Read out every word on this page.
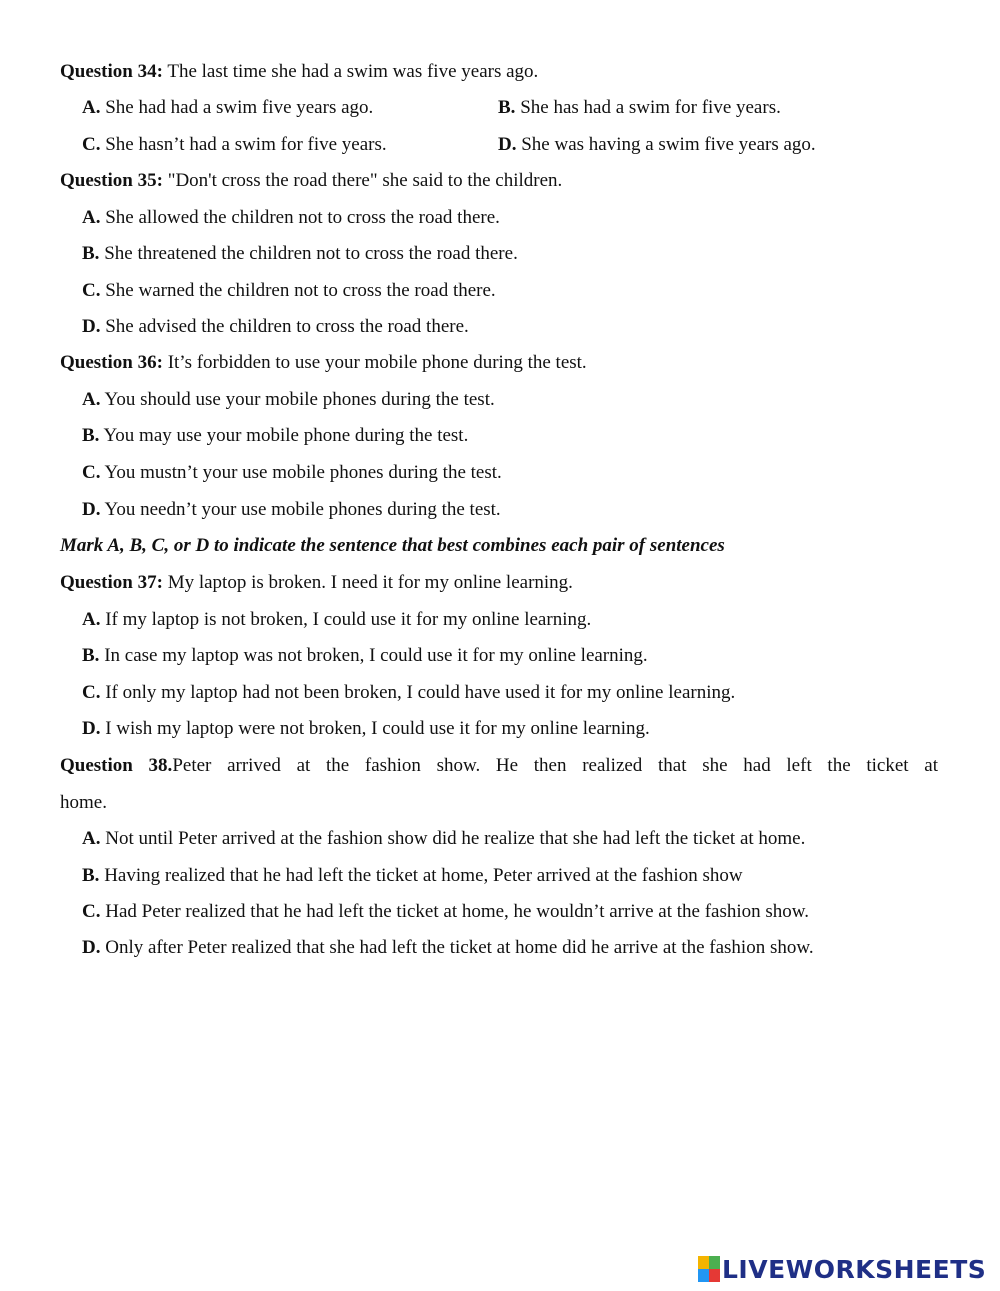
Question 34: The last time she had a swim was five years ago.
A. She had had a swim five years ago.	B. She has had a swim for five years.
C. She hasn’t had a swim for five years.	D. She was having a swim five years ago.
Question 35: "Don't cross the road there" she said to the children.
A. She allowed the children not to cross the road there.
B. She threatened the children not to cross the road there.
C. She warned the children not to cross the road there.
D. She advised the children to cross the road there.
Question 36: It’s forbidden to use your mobile phone during the test.
A. You should use your mobile phones during the test.
B. You may use your mobile phone during the test.
C. You mustn’t your use mobile phones during the test.
D. You needn’t your use mobile phones during the test.
Mark A, B, C, or D to indicate the sentence that best combines each pair of sentences
Question 37: My laptop is broken. I need it for my online learning.
A. If my laptop is not broken, I could use it for my online learning.
B. In case my laptop was not broken, I could use it for my online learning.
C. If only my laptop had not been broken, I could have used it for my online learning.
D. I wish my laptop were not broken, I could use it for my online learning.
Question 38.Peter arrived at the fashion show. He then realized that she had left the ticket at
home.
A. Not until Peter arrived at the fashion show did he realize that she had left the ticket at home.
B. Having realized that he had left the ticket at home, Peter arrived at the fashion show
C. Had Peter realized that he had left the ticket at home, he wouldn’t arrive at the fashion show.
D. Only after Peter realized that she had left the ticket at home did he arrive at the fashion show.
LIVEWORKSHEETS
